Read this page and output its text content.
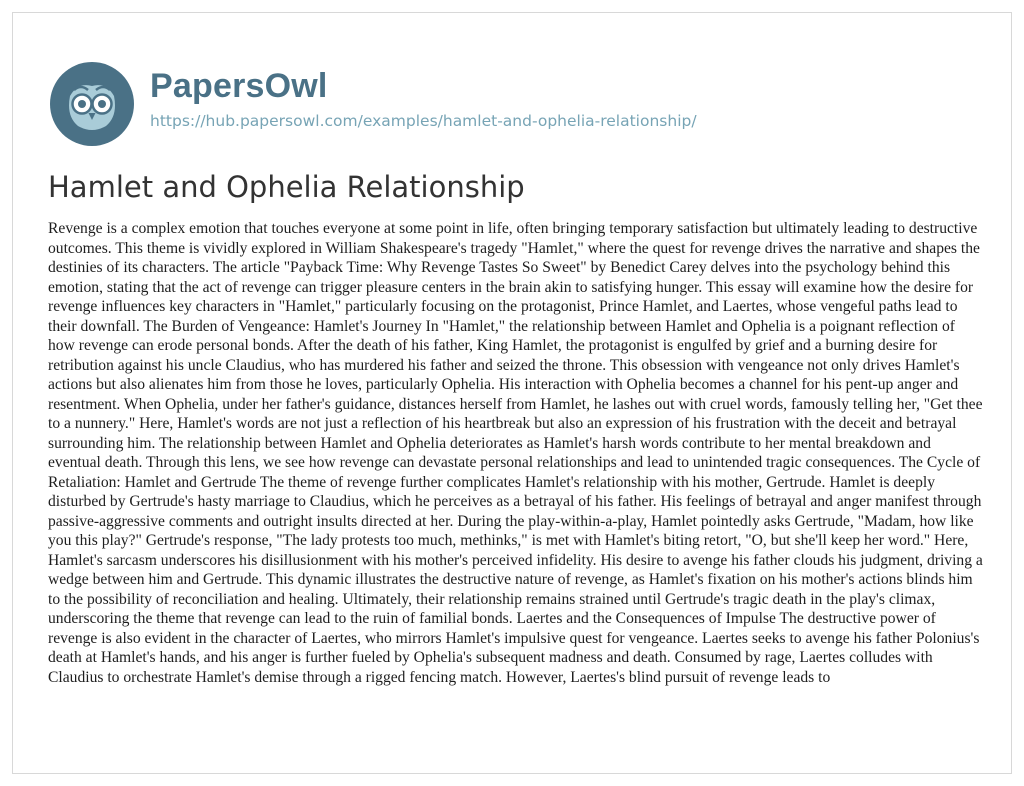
PapersOwl
https://hub.papersowl.com/examples/hamlet-and-ophelia-relationship/
Hamlet and Ophelia Relationship

Revenge is a complex emotion that touches everyone at some point in life, often bringing temporary satisfaction but ultimately leading to destructive outcomes. This theme is vividly explored in William Shakespeare's tragedy "Hamlet," where the quest for revenge drives the narrative and shapes the destinies of its characters. The article "Payback Time: Why Revenge Tastes So Sweet" by Benedict Carey delves into the psychology behind this emotion, stating that the act of revenge can trigger pleasure centers in the brain akin to satisfying hunger. This essay will examine how the desire for revenge influences key characters in "Hamlet," particularly focusing on the protagonist, Prince Hamlet, and Laertes, whose vengeful paths lead to their downfall. The Burden of Vengeance: Hamlet's Journey In "Hamlet," the relationship between Hamlet and Ophelia is a poignant reflection of how revenge can erode personal bonds. After the death of his father, King Hamlet, the protagonist is engulfed by grief and a burning desire for retribution against his uncle Claudius, who has murdered his father and seized the throne. This obsession with vengeance not only drives Hamlet's actions but also alienates him from those he loves, particularly Ophelia. His interaction with Ophelia becomes a channel for his pent-up anger and resentment. When Ophelia, under her father's guidance, distances herself from Hamlet, he lashes out with cruel words, famously telling her, "Get thee to a nunnery." Here, Hamlet's words are not just a reflection of his heartbreak but also an expression of his frustration with the deceit and betrayal surrounding him. The relationship between Hamlet and Ophelia deteriorates as Hamlet's harsh words contribute to her mental breakdown and eventual death. Through this lens, we see how revenge can devastate personal relationships and lead to unintended tragic consequences. The Cycle of Retaliation: Hamlet and Gertrude The theme of revenge further complicates Hamlet's relationship with his mother, Gertrude. Hamlet is deeply disturbed by Gertrude's hasty marriage to Claudius, which he perceives as a betrayal of his father. His feelings of betrayal and anger manifest through passive-aggressive comments and outright insults directed at her. During the play-within-a-play, Hamlet pointedly asks Gertrude, "Madam, how like you this play?" Gertrude's response, "The lady protests too much, methinks," is met with Hamlet's biting retort, "O, but she'll keep her word." Here, Hamlet's sarcasm underscores his disillusionment with his mother's perceived infidelity. His desire to avenge his father clouds his judgment, driving a wedge between him and Gertrude. This dynamic illustrates the destructive nature of revenge, as Hamlet's fixation on his mother's actions blinds him to the possibility of reconciliation and healing. Ultimately, their relationship remains strained until Gertrude's tragic death in the play's climax, underscoring the theme that revenge can lead to the ruin of familial bonds. Laertes and the Consequences of Impulse The destructive power of revenge is also evident in the character of Laertes, who mirrors Hamlet's impulsive quest for vengeance. Laertes seeks to avenge his father Polonius's death at Hamlet's hands, and his anger is further fueled by Ophelia's subsequent madness and death. Consumed by rage, Laertes colludes with Claudius to orchestrate Hamlet's demise through a rigged fencing match. However, Laertes's blind pursuit of revenge leads to
